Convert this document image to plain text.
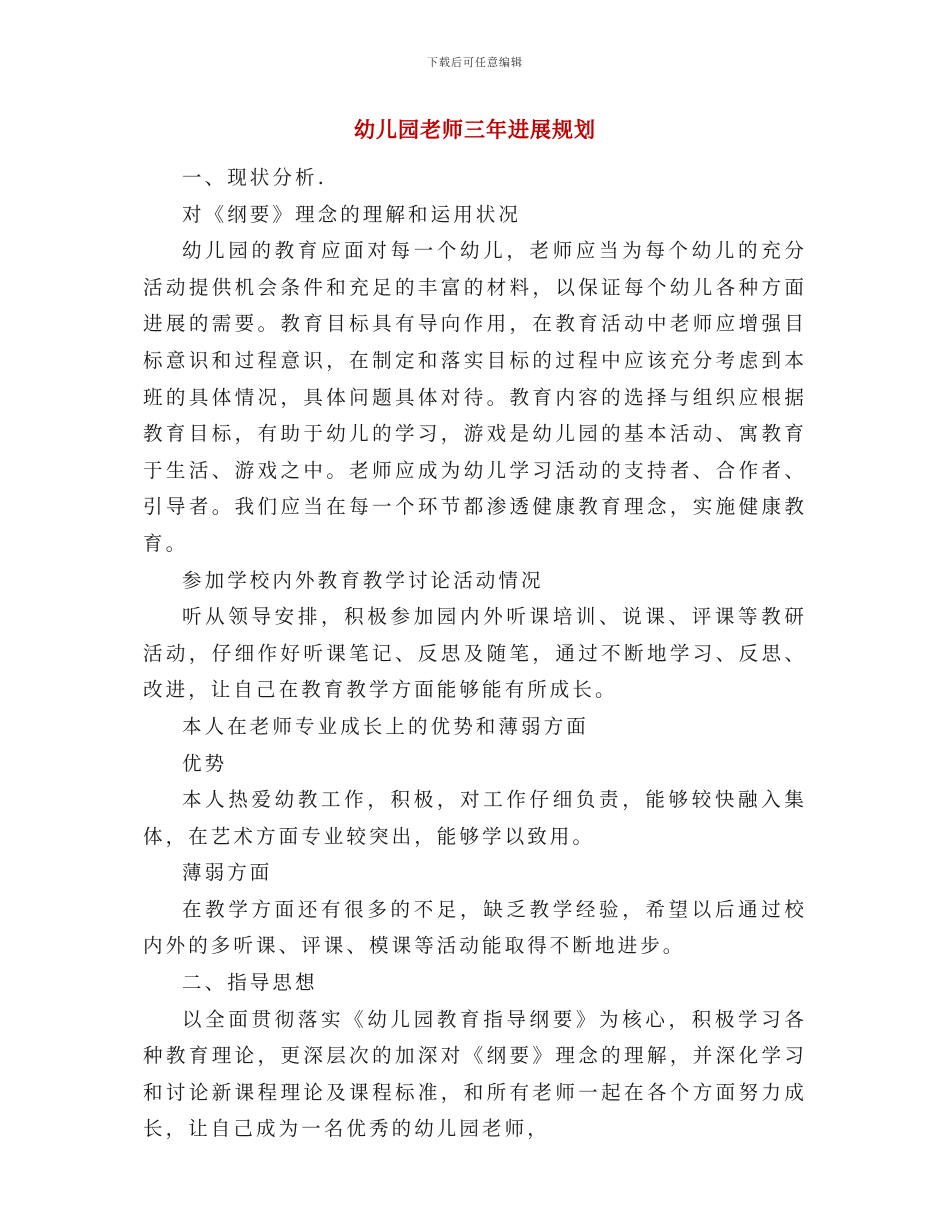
下载后可任意编辑
幼儿园老师三年进展规划

一、现状分析.

对《纲要》理念的理解和运用状况

幼儿园的教育应面对每一个幼儿，老师应当为每个幼儿的充分活动提供机会条件和充足的丰富的材料，以保证每个幼儿各种方面进展的需要。教育目标具有导向作用，在教育活动中老师应增强目标意识和过程意识，在制定和落实目标的过程中应该充分考虑到本班的具体情况，具体问题具体对待。教育内容的选择与组织应根据教育目标，有助于幼儿的学习，游戏是幼儿园的基本活动、寓教育于生活、游戏之中。老师应成为幼儿学习活动的支持者、合作者、引导者。我们应当在每一个环节都渗透健康教育理念，实施健康教育。

参加学校内外教育教学讨论活动情况

听从领导安排，积极参加园内外听课培训、说课、评课等教研活动，仔细作好听课笔记、反思及随笔，通过不断地学习、反思、改进，让自己在教育教学方面能够能有所成长。

本人在老师专业成长上的优势和薄弱方面

优势

本人热爱幼教工作，积极，对工作仔细负责，能够较快融入集体，在艺术方面专业较突出，能够学以致用。

薄弱方面

在教学方面还有很多的不足，缺乏教学经验，希望以后通过校内外的多听课、评课、模课等活动能取得不断地进步。

二、指导思想

以全面贯彻落实《幼儿园教育指导纲要》为核心，积极学习各种教育理论，更深层次的加深对《纲要》理念的理解，并深化学习和讨论新课程理论及课程标准，和所有老师一起在各个方面努力成长，让自己成为一名优秀的幼儿园老师，
